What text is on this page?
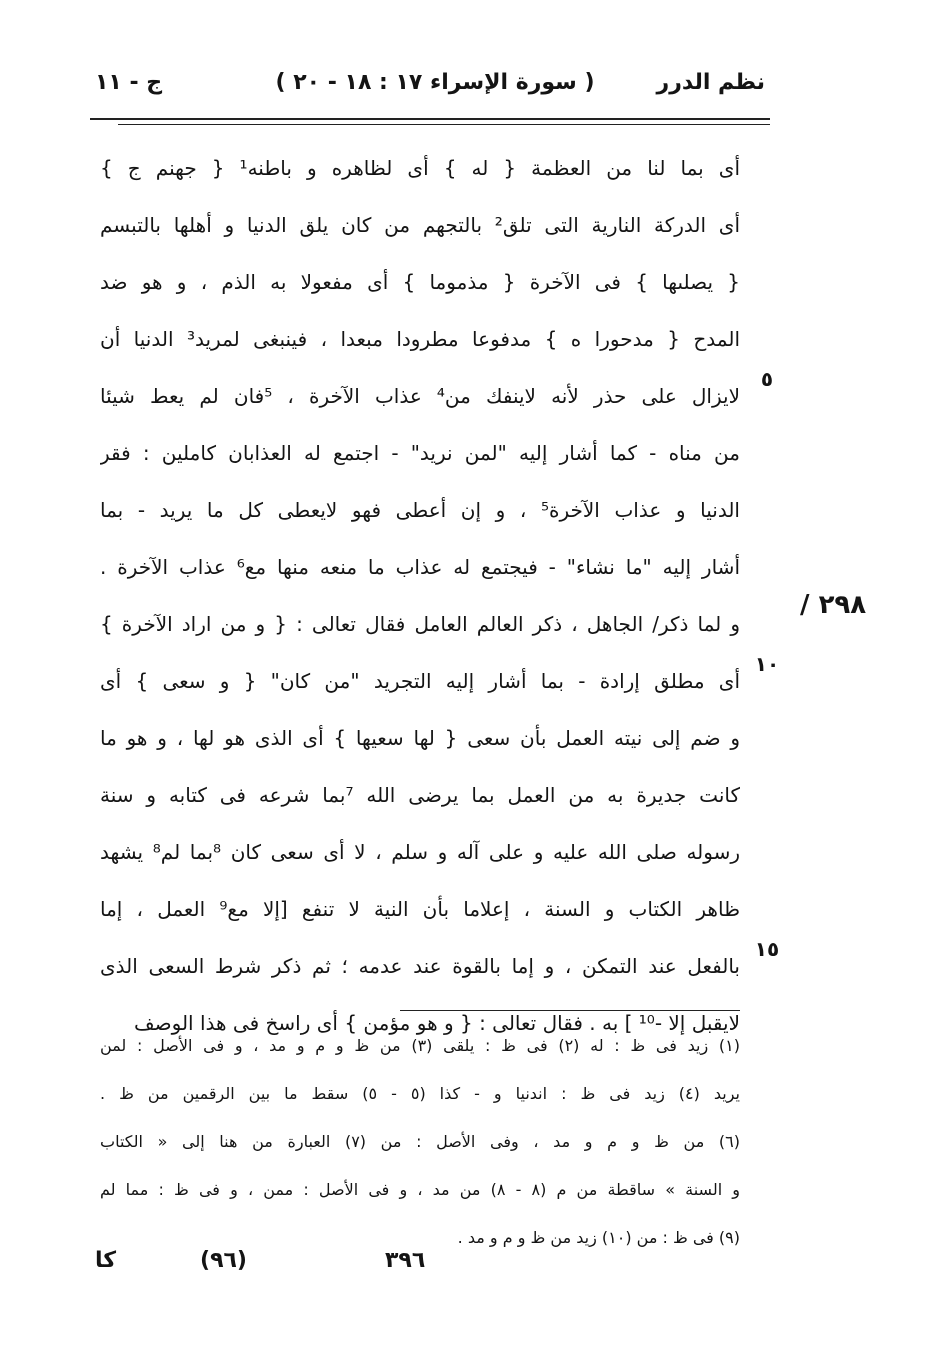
نظم الدرر
( سورة الإسراء ١٧ : ١٨ - ٢٠ )
ج - ١١
٢٩٨ /
٥
١٠
١٥
أى بما لنا من العظمة { له } أى لظاهره و باطنه¹ { جهنم ج }
أى الدركة النارية التى تلق² بالتجهم من كان يلق الدنيا و أهلها بالتبسم
{ يصلىها } فى الآخرة { مذموما } أى مفعولا به الذم ، و هو ضد
المدح { مدحورا ه } مدفوعا مطرودا مبعدا ، فينبغى لمريد³ الدنيا أن
لايزال على حذر لأنه لاينفك من⁴ عذاب الآخرة ، ⁵فان لم يعط شيئا
من مناه - كما أشار إليه "لمن نريد" - اجتمع له العذابان كاملين : فقر
الدنيا و عذاب الآخرة⁵ ، و إن أعطى فهو لايعطى كل ما يريد - بما
أشار إليه "ما نشاء" - فيجتمع له عذاب ما منعه منها مع⁶ عذاب الآخرة .
و لما ذكر/ الجاهل ، ذكر العالم العامل فقال تعالى : { و من اراد الآخرة }
أى مطلق إرادة - بما أشار إليه التجريد "من كان" { و سعى } أى
و ضم إلى نيته العمل بأن سعى { لها سعيها } أى الذى هو لها ، و هو ما
كانت جديرة به من العمل بما يرضى الله ⁷بما شرعه فى كتابه و سنة
رسوله صلى الله عليه و على آله و سلم ، لا أى سعى كان ⁸بما لم⁸ يشهد
ظاهر الكتاب و السنة ، إعلاما بأن النية لا تنفع [إلا مع⁹ العمل ، إما
بالفعل عند التمكن ، و إما بالقوة عند عدمه ؛ ثم ذكر شرط السعى الذى
لايقبل إلا -¹⁰ ] به . فقال تعالى : { و هو مؤمن } أى راسخ فى هذا الوصف
(١) زيد فى ظ : له (٢) فى ظ : يلقى (٣) من ظ و م و مد ، و فى الأصل : لمن
يريد (٤) زيد فى ظ : اندنيا و - كذا (٥ - ٥) سقط ما بين الرقمين من ظ .
(٦) من ظ و م و مد ، وفى الأصل : من (٧) العبارة من هنا إلى « الكتاب
و السنة » ساقطة من م (٨ - ٨) من مد ، و فى الأصل : ممن ، و فى ظ : مما لم
(٩) فى ظ : من (١٠) زيد من ظ و م و مد .
٣٩٦
(٩٦)
كا
